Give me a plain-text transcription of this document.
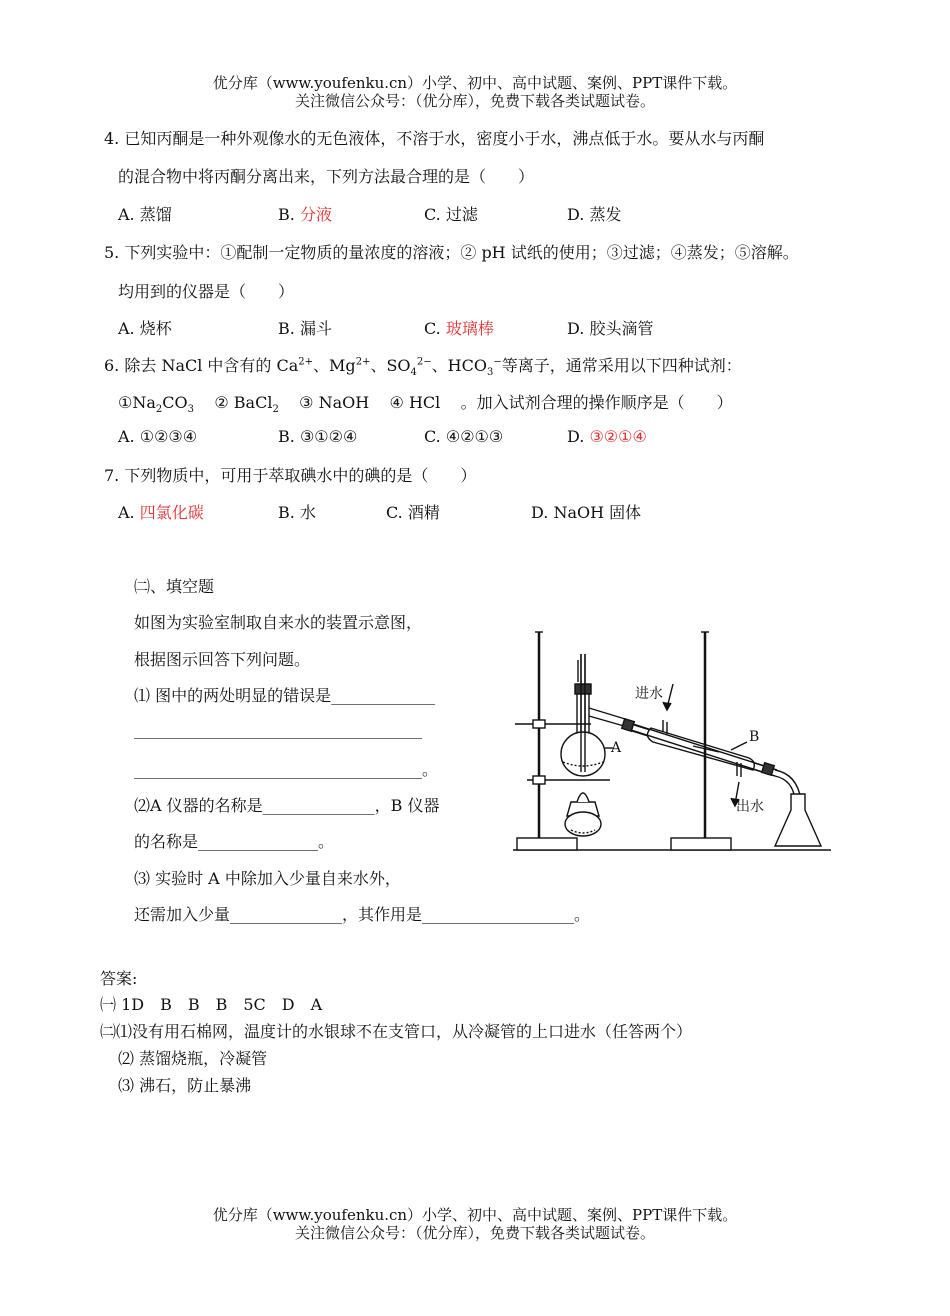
优分库（www.youfenku.cn）小学、初中、高中试题、案例、PPT课件下载。
关注微信公众号：（优分库），免费下载各类试题试卷。
4. 已知丙酮是一种外观像水的无色液体，不溶于水，密度小于水，沸点低于水。要从水与丙酮
的混合物中将丙酮分离出来，下列方法最合理的是（　　）
A. 蒸馏	B. 分液	C. 过滤	D. 蒸发
5. 下列实验中：①配制一定物质的量浓度的溶液；② pH 试纸的使用；③过滤；④蒸发；⑤溶解。
均用到的仪器是（　　）
A. 烧杯	B. 漏斗	C. 玻璃棒	D. 胶头滴管
6. 除去 NaCl 中含有的 $Ca^{2+}$、$Mg^{2+}$、$SO_4^{2-}$、$HCO_3^-$等离子，通常采用以下四种试剂：
$①Na_2CO_3$ ② BaCl$_2$ ③ NaOH ④ HCl 。加入试剂合理的操作顺序是（　　）
A. ①②③④	B. ③①②④	C. ④②①③	D. ③②①④
7. 下列物质中，可用于萃取碘水中的碘的是（　　）
A. 四氯化碳	B. 水	C. 酒精	D. NaOH 固体
㈡、填空题
如图为实验室制取自来水的装置示意图，
根据图示回答下列问题。
⑴ 图中的两处明显的错误是_____________
____________________________________
____________________________________。
⑵A 仪器的名称是______________，B 仪器
的名称是_______________。
⑶ 实验时 A 中除加入少量自来水外，
还需加入少量______________，其作用是___________________。
A
B
进水
出水
答案:
㈠ 1D　B　B　B　5C　D　A
㈡⑴没有用石棉网，温度计的水银球不在支管口，从冷凝管的上口进水（任答两个）
⑵ 蒸馏烧瓶，冷凝管
⑶ 沸石，防止暴沸
优分库（www.youfenku.cn）小学、初中、高中试题、案例、PPT课件下载。
关注微信公众号：（优分库），免费下载各类试题试卷。
